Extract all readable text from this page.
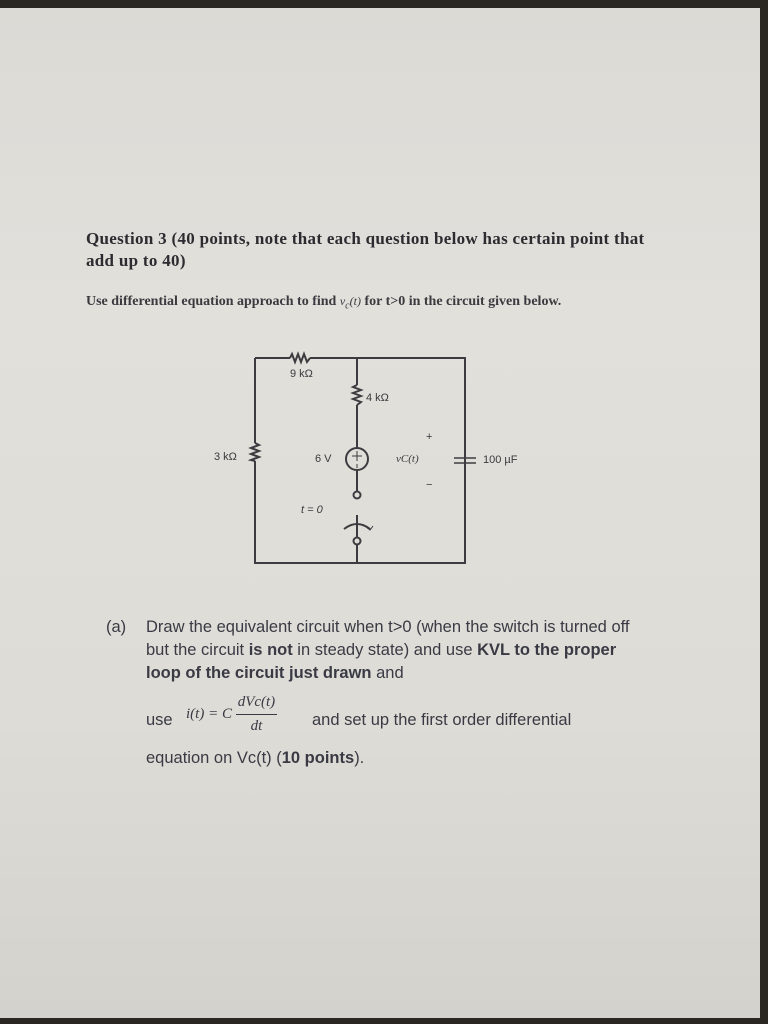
Question 3 (40 points, note that each question below has certain point that add up to 40)
Use differential equation approach to find $v_c(t)$ for t>0 in the circuit given below.
9 kΩ
4 kΩ
3 kΩ	6 V
t = 0
+
−
vC(t)	100 µF
(a) Draw the equivalent circuit when t>0 (when the switch is turned off but the circuit is not in steady state) and use KVL to the proper loop of the circuit just drawn and
use i(t) = C $\frac{\text{dVc(t)}}{dt}$ and set up the first order differential
equation on Vc(t) (10 points).
